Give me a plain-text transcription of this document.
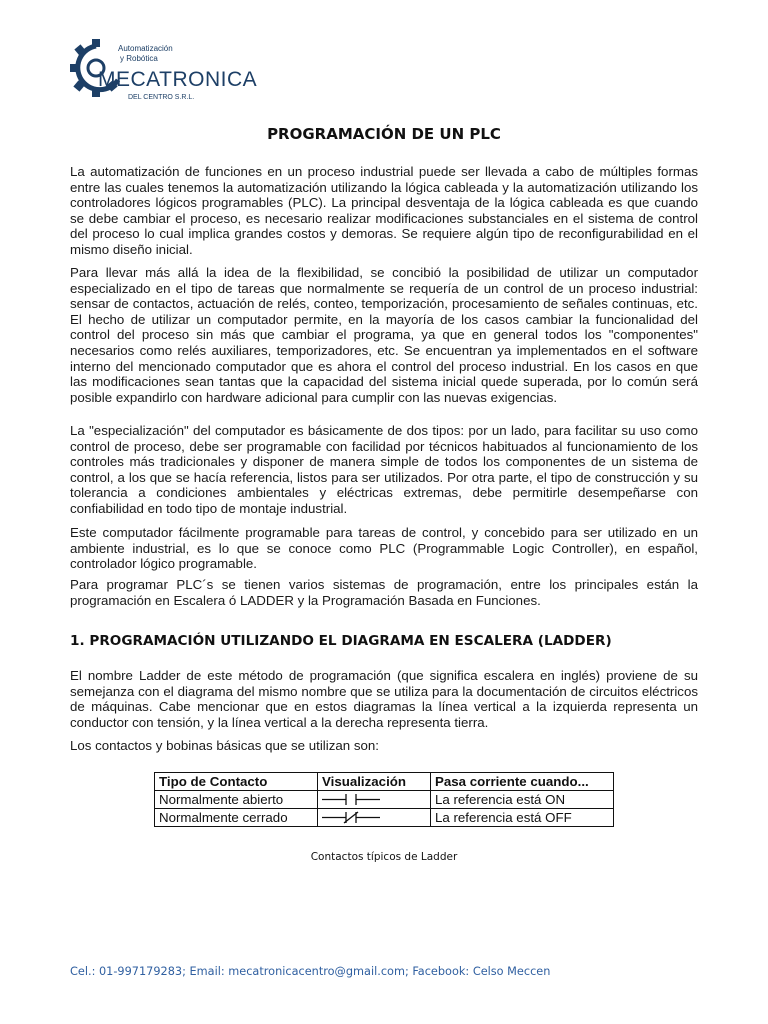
Automatización
y Robótica
MECATRONICA
DEL CENTRO S.R.L.
PROGRAMACIÓN DE UN PLC

La automatización de funciones en un proceso industrial puede ser llevada a cabo de múltiples formas entre las cuales tenemos la automatización utilizando la lógica cableada y la automatización utilizando los controladores lógicos programables (PLC). La principal desventaja de la lógica cableada es que cuando se debe cambiar el proceso, es necesario realizar modificaciones substanciales en el sistema de control del proceso lo cual implica grandes costos y demoras. Se requiere algún tipo de reconfigurabilidad en el mismo diseño inicial.

Para llevar más allá la idea de la flexibilidad, se concibió la posibilidad de utilizar un computador especializado en el tipo de tareas que normalmente se requería de un control de un proceso industrial: sensar de contactos, actuación de relés, conteo, temporización, procesamiento de señales continuas, etc. El hecho de utilizar un computador permite, en la mayoría de los casos cambiar la funcionalidad del control del proceso sin más que cambiar el programa, ya que en general todos los "componentes" necesarios como relés auxiliares, temporizadores, etc. Se encuentran ya implementados en el software interno del mencionado computador que es ahora el control del proceso industrial. En los casos en que las modificaciones sean tantas que la capacidad del sistema inicial quede superada, por lo común será posible expandirlo con hardware adicional para cumplir con las nuevas exigencias.

La "especialización" del computador es básicamente de dos tipos: por un lado, para facilitar su uso como control de proceso, debe ser programable con facilidad por técnicos habituados al funcionamiento de los controles más tradicionales y disponer de manera simple de todos los componentes de un sistema de control, a los que se hacía referencia, listos para ser utilizados. Por otra parte, el tipo de construcción y su tolerancia a condiciones ambientales y eléctricas extremas, debe permitirle desempeñarse con confiabilidad en todo tipo de montaje industrial.

Este computador fácilmente programable para tareas de control, y concebido para ser utilizado en un ambiente industrial, es lo que se conoce como PLC (Programmable Logic Controller), en español, controlador lógico programable.

Para programar PLC´s se tienen varios sistemas de programación, entre los principales están la programación en Escalera ó LADDER y la Programación Basada en Funciones.

1. PROGRAMACIÓN UTILIZANDO EL DIAGRAMA EN ESCALERA (LADDER)

El nombre Ladder de este método de programación (que significa escalera en inglés) proviene de su semejanza con el diagrama del mismo nombre que se utiliza para la documentación de circuitos eléctricos de máquinas. Cabe mencionar que en estos diagramas la línea vertical a la izquierda representa un conductor con tensión, y la línea vertical a la derecha representa tierra.

Los contactos y bobinas básicas que se utilizan son:

Tipo de Contacto	Visualización	Pasa corriente cuando...
Normalmente abierto		La referencia está ON
Normalmente cerrado		La referencia está OFF
Contactos típicos de Ladder
Cel.: 01-997179283; Email: mecatronicacentro@gmail.com; Facebook: Celso Meccen
